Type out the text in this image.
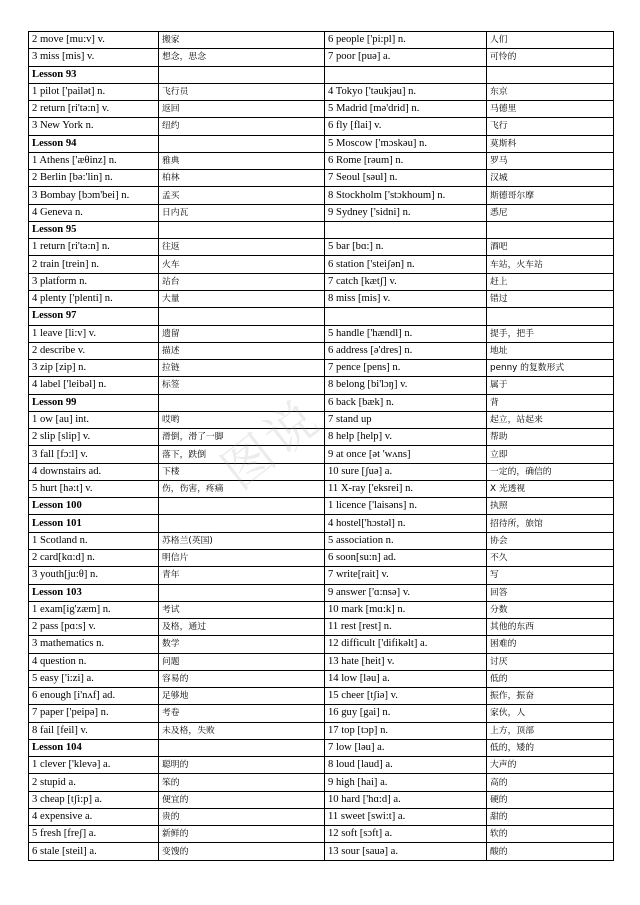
2 move [mu:v] v.	搬家	6 people ['pi:pl] n.	人们
3 miss [mis] v.	想念，思念	7 poor [puə] a.	可怜的
Lesson 93			
1 pilot ['pailət] n.	飞行员	4 Tokyo ['təukjəu] n.	东京
2 return [ri'tə:n] v.	返回	5 Madrid [mə'drid] n.	马德里
3 New York n.	纽约	6 fly [flai] v.	飞行
Lesson 94		5 Moscow ['mɔskəu] n.	莫斯科
1 Athens ['æθinz] n.	雅典	6 Rome [rəum] n.	罗马
2 Berlin [bə:'lin] n.	柏林	7 Seoul [səul] n.	汉城
3 Bombay [bɔm'bei] n.	孟买	8 Stockholm ['stɔkhoum] n.	斯德哥尔摩
4 Geneva n.	日内瓦	9 Sydney ['sidni] n.	悉尼
Lesson 95			
1 return [ri'tə:n] n.	往返	5 bar [bɑ:] n.	酒吧
2 train [trein] n.	火车	6 station ['steiʃən] n.	车站，火车站
3 platform n.	站台	7 catch [kætʃ] v.	赶上
4 plenty ['plenti] n.	大量	8 miss [mis] v.	错过
Lesson 97			
1 leave [li:v] v.	遗留	5 handle ['hændl] n.	提手，把手
2 describe v.	描述	6 address [ə'dres] n.	地址
3 zip [zip] n.	拉链	7 pence [pens] n.	penny 的复数形式
4 label ['leibəl] n.	标签	8 belong [bi'lɔŋ] v.	属于
Lesson 99		6 back [bæk] n.	背
1 ow [au] int.	哎哟	7 stand up	起立，站起来
2 slip [slip] v.	滑倒，滑了一脚	8 help [help] v.	帮助
3 fall [fɔ:l] v.	落下，跌倒	9 at once [ət 'wʌns]	立即
4 downstairs ad.	下楼	10 sure [ʃuə] a.	一定的，确信的
5 hurt [hə:t] v.	伤，伤害，疼痛	11 X-ray ['eksrei] n.	X 光透视
Lesson 100		1 licence ['laisəns] n.	执照
Lesson 101		4 hostel['hɔstəl] n.	招待所，旅馆
1 Scotland n.	苏格兰(英国)	5 association n.	协会
2 card[kɑ:d] n.	明信片	6 soon[su:n] ad.	不久
3 youth[ju:θ] n.	青年	7 write[rait] v.	写
Lesson 103		9 answer ['ɑ:nsə] v.	回答
1 exam[ig'zæm] n.	考试	10 mark [mɑ:k] n.	分数
2 pass [pɑ:s] v.	及格，通过	11 rest [rest] n.	其他的东西
3 mathematics n.	数学	12 difficult ['difikəlt] a.	困难的
4 question n.	问题	13 hate [heit] v.	讨厌
5 easy ['i:zi] a.	容易的	14 low [ləu] a.	低的
6 enough [i'nʌf] ad.	足够地	15 cheer [tʃiə] v.	振作，振奋
7 paper ['peipə] n.	考卷	16 guy [gai] n.	家伙，人
8 fail [feil] v.	未及格，失败	17 top [tɔp] n.	上方，顶部
Lesson 104		7 low [ləu] a.	低的，矮的
1 clever ['klevə] a.	聪明的	8 loud [laud] a.	大声的
2 stupid a.	笨的	9 high [hai] a.	高的
3 cheap [tʃi:p] a.	便宜的	10 hard ['hɑ:d] a.	硬的
4 expensive a.	贵的	11 sweet [swi:t] a.	甜的
5 fresh [freʃ] a.	新鲜的	12 soft [sɔft] a.	软的
6 stale [steil] a.	变馊的	13 sour [sauə] a.	酸的
图说
